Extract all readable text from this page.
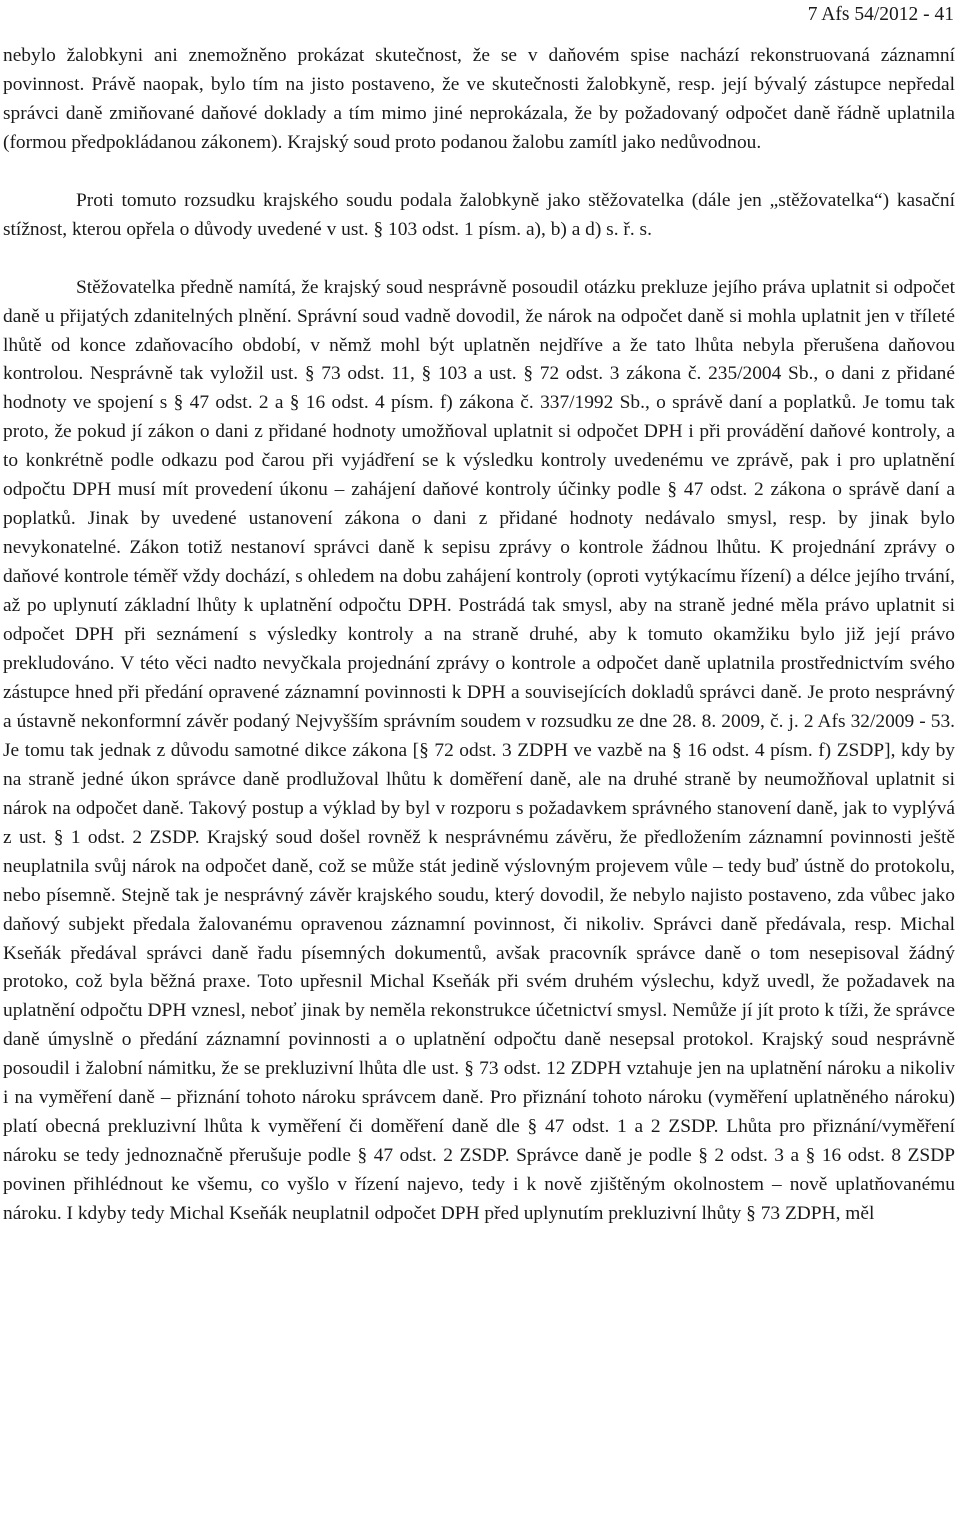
7 Afs 54/2012 - 41

nebylo žalobkyni ani znemožněno prokázat skutečnost, že se v daňovém spise nachází rekonstruovaná záznamní povinnost. Právě naopak, bylo tím na jisto postaveno, že ve skutečnosti žalobkyně, resp. její bývalý zástupce nepředal správci daně zmiňované daňové doklady a tím mimo jiné neprokázala, že by požadovaný odpočet daně řádně uplatnila (formou předpokládanou zákonem). Krajský soud proto podanou žalobu zamítl jako nedůvodnou.

Proti tomuto rozsudku krajského soudu podala žalobkyně jako stěžovatelka (dále jen „stěžovatelka“) kasační stížnost, kterou opřela o důvody uvedené v ust. § 103 odst. 1 písm. a), b) a d) s. ř. s.

Stěžovatelka předně namítá, že krajský soud nesprávně posoudil otázku prekluze jejího práva uplatnit si odpočet daně u přijatých zdanitelných plnění. Správní soud vadně dovodil, že nárok na odpočet daně si mohla uplatnit jen v tříleté lhůtě od konce zdaňovacího období, v němž mohl být uplatněn nejdříve a že tato lhůta nebyla přerušena daňovou kontrolou. Nesprávně tak vyložil ust. § 73 odst. 11, § 103 a ust. § 72 odst. 3 zákona č. 235/2004 Sb., o dani z přidané hodnoty ve spojení s § 47 odst. 2 a § 16 odst. 4 písm. f) zákona č. 337/1992 Sb., o správě daní a poplatků. Je tomu tak proto, že pokud jí zákon o dani z přidané hodnoty umožňoval uplatnit si odpočet DPH i při provádění daňové kontroly, a to konkrétně podle odkazu pod čarou při vyjádření se k výsledku kontroly uvedenému ve zprávě, pak i pro uplatnění odpočtu DPH musí mít provedení úkonu – zahájení daňové kontroly účinky podle § 47 odst. 2 zákona o správě daní a poplatků. Jinak by uvedené ustanovení zákona o dani z přidané hodnoty nedávalo smysl, resp. by jinak bylo nevykonatelné. Zákon totiž nestanoví správci daně k sepisu zprávy o kontrole žádnou lhůtu. K projednání zprávy o daňové kontrole téměř vždy dochází, s ohledem na dobu zahájení kontroly (oproti vytýkacímu řízení) a délce jejího trvání, až po uplynutí základní lhůty k uplatnění odpočtu DPH. Postrádá tak smysl, aby na straně jedné měla právo uplatnit si odpočet DPH při seznámení s výsledky kontroly a na straně druhé, aby k tomuto okamžiku bylo již její právo prekludováno. V této věci nadto nevyčkala projednání zprávy o kontrole a odpočet daně uplatnila prostřednictvím svého zástupce hned při předání opravené záznamní povinnosti k DPH a souvisejících dokladů správci daně. Je proto nesprávný a ústavně nekonformní závěr podaný Nejvyšším správním soudem v rozsudku ze dne 28. 8. 2009, č. j. 2 Afs 32/2009 - 53. Je tomu tak jednak z důvodu samotné dikce zákona [§ 72 odst. 3 ZDPH ve vazbě na § 16 odst. 4 písm. f) ZSDP], kdy by na straně jedné úkon správce daně prodlužoval lhůtu k doměření daně, ale na druhé straně by neumožňoval uplatnit si nárok na odpočet daně. Takový postup a výklad by byl v rozporu s požadavkem správného stanovení daně, jak to vyplývá z ust. § 1 odst. 2 ZSDP. Krajský soud došel rovněž k nesprávnému závěru, že předložením záznamní povinnosti ještě neuplatnila svůj nárok na odpočet daně, což se může stát jedině výslovným projevem vůle – tedy buď ústně do protokolu, nebo písemně. Stejně tak je nesprávný závěr krajského soudu, který dovodil, že nebylo najisto postaveno, zda vůbec jako daňový subjekt předala žalovanému opravenou záznamní povinnost, či nikoliv. Správci daně předávala, resp. Michal Kseňák předával správci daně řadu písemných dokumentů, avšak pracovník správce daně o tom nesepisoval žádný protoko, což byla běžná praxe. Toto upřesnil Michal Kseňák při svém druhém výslechu, když uvedl, že požadavek na uplatnění odpočtu DPH vznesl, neboť jinak by neměla rekonstrukce účetnictví smysl. Nemůže jí jít proto k tíži, že správce daně úmyslně o předání záznamní povinnosti a o uplatnění odpočtu daně nesepsal protokol. Krajský soud nesprávně posoudil i žalobní námitku, že se prekluzivní lhůta dle ust. § 73 odst. 12 ZDPH vztahuje jen na uplatnění nároku a nikoliv i na vyměření daně – přiznání tohoto nároku správcem daně. Pro přiznání tohoto nároku (vyměření uplatněného nároku) platí obecná prekluzivní lhůta k vyměření či doměření daně dle § 47 odst. 1 a 2 ZSDP. Lhůta pro přiznání/vyměření nároku se tedy jednoznačně přerušuje podle § 47 odst. 2 ZSDP. Správce daně je podle § 2 odst. 3 a § 16 odst. 8 ZSDP povinen přihlédnout ke všemu, co vyšlo v řízení najevo, tedy i k nově zjištěným okolnostem – nově uplatňovanému nároku. I kdyby tedy Michal Kseňák neuplatnil odpočet DPH před uplynutím prekluzivní lhůty § 73 ZDPH, měl
